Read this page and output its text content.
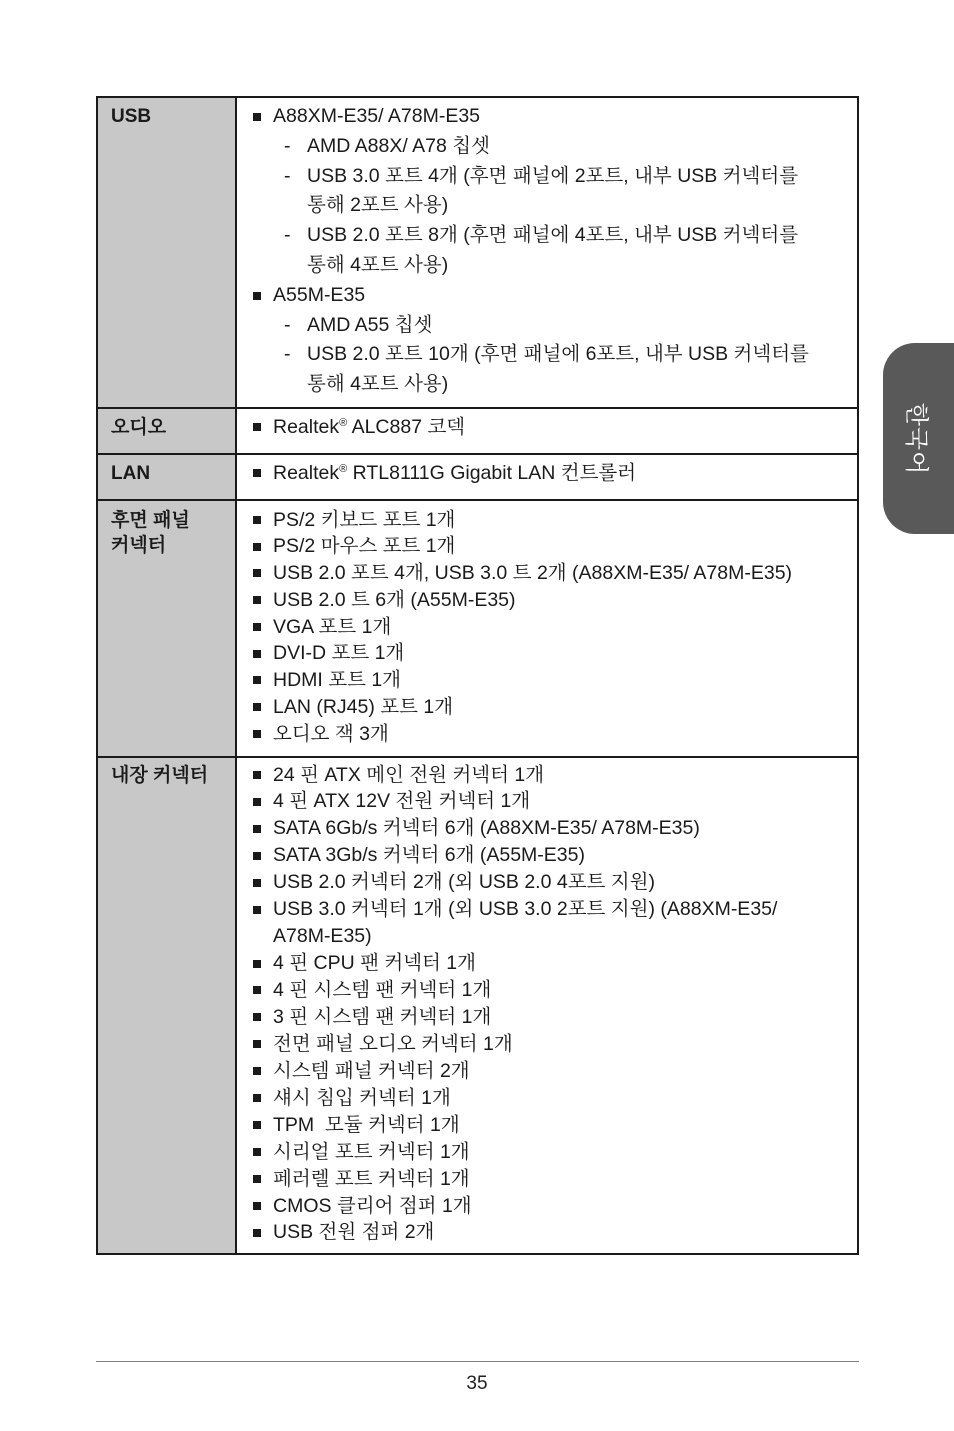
USB	A88XM-E35/ A78M-E35
- AMD A88X/ A78 칩셋
- USB 3.0 포트 4개 (후면 패널에 2포트, 내부 USB 커넥터를
통해 2포트 사용)
- USB 2.0 포트 8개 (후면 패널에 4포트, 내부 USB 커넥터를
통해 4포트 사용)
A55M-E35
- AMD A55 칩셋
- USB 2.0 포트 10개 (후면 패널에 6포트, 내부 USB 커넥터를
통해 4포트 사용)
오디오	Realtek® ALC887 코덱
LAN	Realtek® RTL8111G Gigabit LAN 컨트롤러
후면 패널 커넥터
PS/2 키보드 포트 1개
PS/2 마우스 포트 1개
USB 2.0 포트 4개, USB 3.0 트 2개 (A88XM-E35/ A78M-E35)
USB 2.0 트 6개 (A55M-E35)
VGA 포트 1개
DVI-D 포트 1개
HDMI 포트 1개
LAN (RJ45) 포트 1개
오디오 잭 3개
내장 커넥터	24 핀 ATX 메인 전원 커넥터 1개
4 핀 ATX 12V 전원 커넥터 1개
SATA 6Gb/s 커넥터 6개 (A88XM-E35/ A78M-E35)
SATA 3Gb/s 커넥터 6개 (A55M-E35)
USB 2.0 커넥터 2개 (외 USB 2.0 4포트 지원)
USB 3.0 커넥터 1개 (외 USB 3.0 2포트 지원) (A88XM-E35/
A78M-E35)
4 핀 CPU 팬 커넥터 1개
4 핀 시스템 팬 커넥터 1개
3 핀 시스템 팬 커넥터 1개
전면 패널 오디오 커넥터 1개
시스템 패널 커넥터 2개
섀시 침입 커넥터 1개
TPM  모듈 커넥터 1개
시리얼 포트 커넥터 1개
페러렐 포트 커넥터 1개
CMOS 클리어 점퍼 1개
USB 전원 점퍼 2개
한국어
35
